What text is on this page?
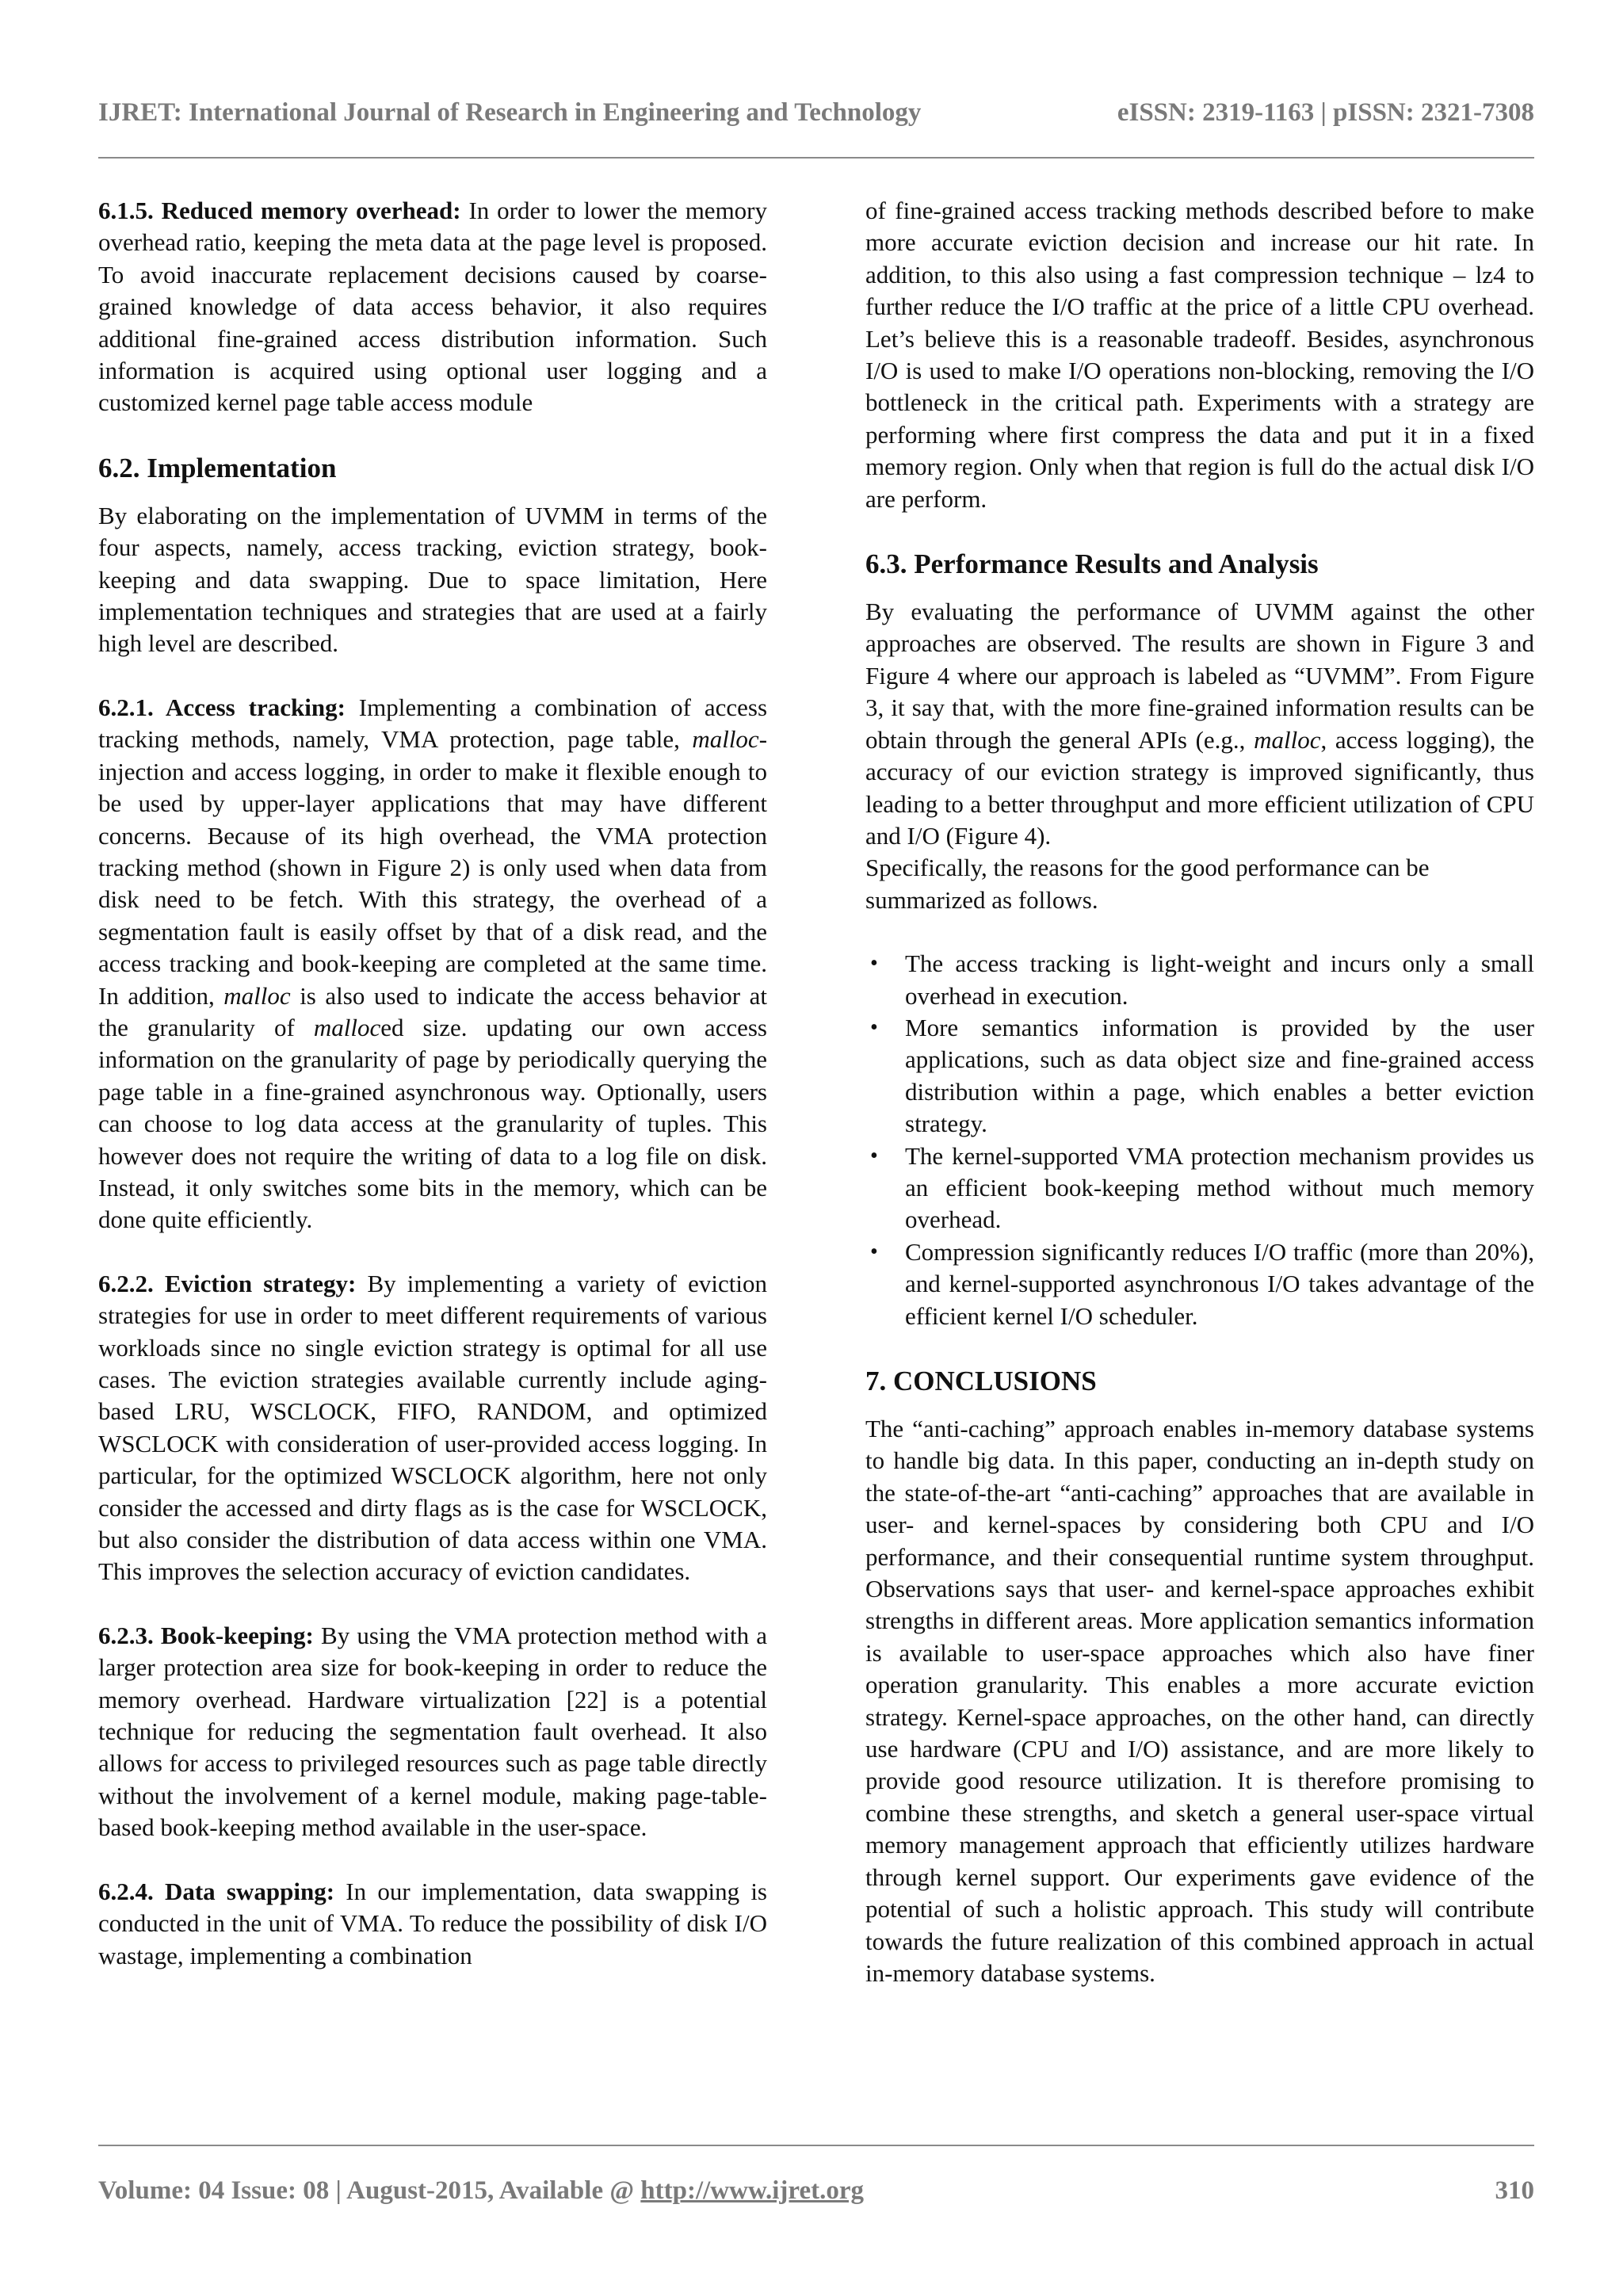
IJRET: International Journal of Research in Engineering and Technology	eISSN: 2319-1163 | pISSN: 2321-7308

6.1.5. Reduced memory overhead: In order to lower the memory overhead ratio, keeping the meta data at the page level is proposed. To avoid inaccurate replacement decisions caused by coarse-grained knowledge of data access behavior, it also requires additional fine-grained access distribution information. Such information is acquired using optional user logging and a customized kernel page table access module

6.2. Implementation

By elaborating on the implementation of UVMM in terms of the four aspects, namely, access tracking, eviction strategy, book-keeping and data swapping. Due to space limitation, Here implementation techniques and strategies that are used at a fairly high level are described.

6.2.1. Access tracking: Implementing a combination of access tracking methods, namely, VMA protection, page table, malloc-injection and access logging, in order to make it flexible enough to be used by upper-layer applications that may have different concerns. Because of its high overhead, the VMA protection tracking method (shown in Figure 2) is only used when data from disk need to be fetch. With this strategy, the overhead of a segmentation fault is easily offset by that of a disk read, and the access tracking and book-keeping are completed at the same time. In addition, malloc is also used to indicate the access behavior at the granularity of malloced size. updating our own access information on the granularity of page by periodically querying the page table in a fine-grained asynchronous way. Optionally, users can choose to log data access at the granularity of tuples. This however does not require the writing of data to a log file on disk. Instead, it only switches some bits in the memory, which can be done quite efficiently.

6.2.2. Eviction strategy: By implementing a variety of eviction strategies for use in order to meet different requirements of various workloads since no single eviction strategy is optimal for all use cases. The eviction strategies available currently include aging-based LRU, WSCLOCK, FIFO, RANDOM, and optimized WSCLOCK with consideration of user-provided access logging. In particular, for the optimized WSCLOCK algorithm, here not only consider the accessed and dirty flags as is the case for WSCLOCK, but also consider the distribution of data access within one VMA. This improves the selection accuracy of eviction candidates.

6.2.3. Book-keeping: By using the VMA protection method with a larger protection area size for book-keeping in order to reduce the memory overhead. Hardware virtualization [22] is a potential technique for reducing the segmentation fault overhead. It also allows for access to privileged resources such as page table directly without the involvement of a kernel module, making page-table-based book-keeping method available in the user-space.

6.2.4. Data swapping: In our implementation, data swapping is conducted in the unit of VMA. To reduce the possibility of disk I/O wastage, implementing a combination

of fine-grained access tracking methods described before to make more accurate eviction decision and increase our hit rate. In addition, to this also using a fast compression technique – lz4 to further reduce the I/O traffic at the price of a little CPU overhead. Let’s believe this is a reasonable tradeoff. Besides, asynchronous I/O is used to make I/O operations non-blocking, removing the I/O bottleneck in the critical path. Experiments with a strategy are performing where first compress the data and put it in a fixed memory region. Only when that region is full do the actual disk I/O are perform.

6.3. Performance Results and Analysis

By evaluating the performance of UVMM against the other approaches are observed. The results are shown in Figure 3 and Figure 4 where our approach is labeled as “UVMM”. From Figure 3, it say that, with the more fine-grained information results can be obtain through the general APIs (e.g., malloc, access logging), the accuracy of our eviction strategy is improved significantly, thus leading to a better throughput and more efficient utilization of CPU and I/O (Figure 4).

Specifically, the reasons for the good performance can be summarized as follows.

• The access tracking is light-weight and incurs only a small overhead in execution.
• More semantics information is provided by the user applications, such as data object size and fine-grained access distribution within a page, which enables a better eviction strategy.
• The kernel-supported VMA protection mechanism provides us an efficient book-keeping method without much memory overhead.
• Compression significantly reduces I/O traffic (more than 20%), and kernel-supported asynchronous I/O takes advantage of the efficient kernel I/O scheduler.
7. CONCLUSIONS

The “anti-caching” approach enables in-memory database systems to handle big data. In this paper, conducting an in-depth study on the state-of-the-art “anti-caching” approaches that are available in user- and kernel-spaces by considering both CPU and I/O performance, and their consequential runtime system throughput. Observations says that user- and kernel-space approaches exhibit strengths in different areas. More application semantics information is available to user-space approaches which also have finer operation granularity. This enables a more accurate eviction strategy. Kernel-space approaches, on the other hand, can directly use hardware (CPU and I/O) assistance, and are more likely to provide good resource utilization. It is therefore promising to combine these strengths, and sketch a general user-space virtual memory management approach that efficiently utilizes hardware through kernel support. Our experiments gave evidence of the potential of such a holistic approach. This study will contribute towards the future realization of this combined approach in actual in-memory database systems.

Volume: 04 Issue: 08 | August-2015, Available @ http://www.ijret.org	310
